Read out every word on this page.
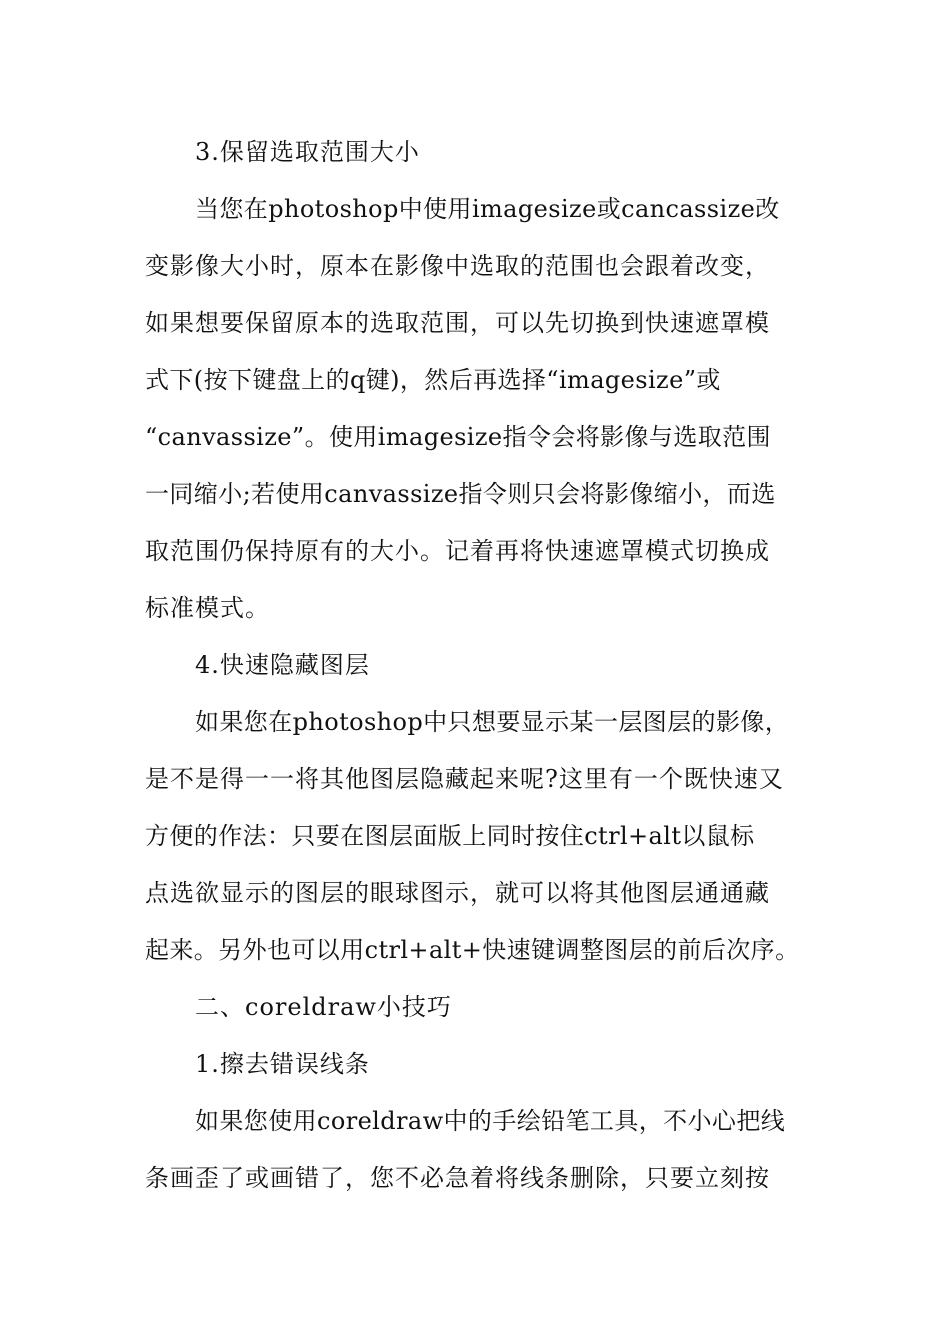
3.保留选取范围大小
当您在photoshop中使用imagesize或cancassize改
变影像大小时，原本在影像中选取的范围也会跟着改变，
如果想要保留原本的选取范围，可以先切换到快速遮罩模
式下(按下键盘上的q键)，然后再选择“imagesize”或
“canvassize”。使用imagesize指令会将影像与选取范围
一同缩小;若使用canvassize指令则只会将影像缩小，而选
取范围仍保持原有的大小。记着再将快速遮罩模式切换成
标准模式。
4.快速隐藏图层
如果您在photoshop中只想要显示某一层图层的影像，
是不是得一一将其他图层隐藏起来呢?这里有一个既快速又
方便的作法：只要在图层面版上同时按住ctrl+alt以鼠标
点选欲显示的图层的眼球图示，就可以将其他图层通通藏
起来。另外也可以用ctrl+alt+快速键调整图层的前后次序。
二、coreldraw小技巧
1.擦去错误线条
如果您使用coreldraw中的手绘铅笔工具，不小心把线
条画歪了或画错了，您不必急着将线条删除，只要立刻按
